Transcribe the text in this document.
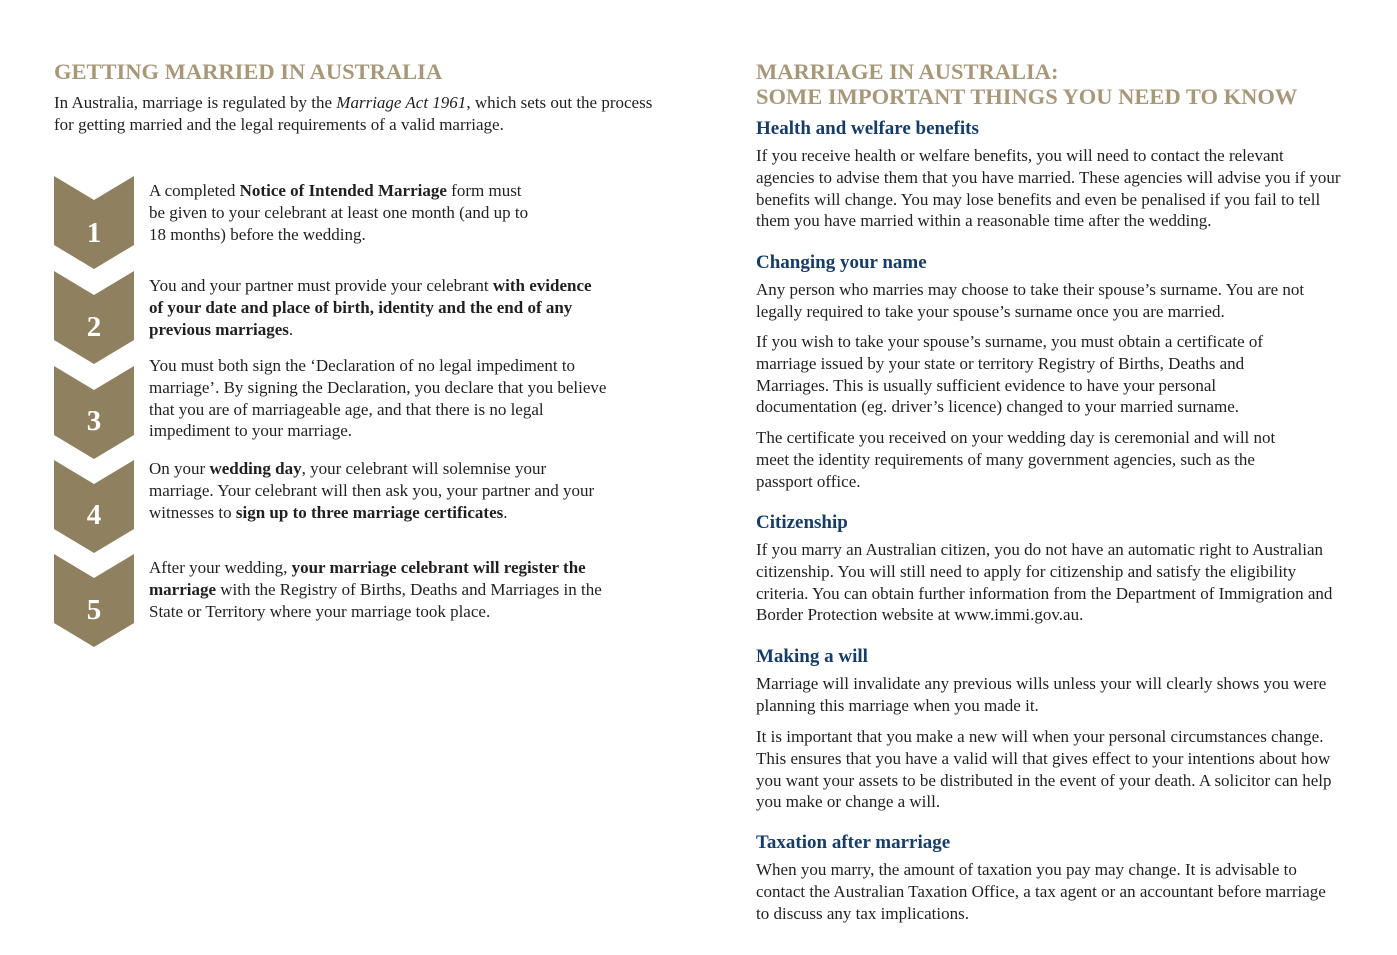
GETTING MARRIED IN AUSTRALIA

In Australia, marriage is regulated by the Marriage Act 1961, which sets out the process for getting married and the legal requirements of a valid marriage.

1
2
3
4
5

A completed Notice of Intended Marriage form must be given to your celebrant at least one month (and up to 18 months) before the wedding.

You and your partner must provide your celebrant with evidence of your date and place of birth, identity and the end of any previous marriages.

You must both sign the ‘Declaration of no legal impediment to marriage’. By signing the Declaration, you declare that you believe that you are of marriageable age, and that there is no legal impediment to your marriage.

On your wedding day, your celebrant will solemnise your marriage. Your celebrant will then ask you, your partner and your witnesses to sign up to three marriage certificates.

After your wedding, your marriage celebrant will register the marriage with the Registry of Births, Deaths and Marriages in the State or Territory where your marriage took place.

MARRIAGE IN AUSTRALIA:
SOME IMPORTANT THINGS YOU NEED TO KNOW
Health and welfare benefits

If you receive health or welfare benefits, you will need to contact the relevant agencies to advise them that you have married. These agencies will advise you if your benefits will change. You may lose benefits and even be penalised if you fail to tell them you have married within a reasonable time after the wedding.

Changing your name

Any person who marries may choose to take their spouse’s surname. You are not legally required to take your spouse’s surname once you are married.

If you wish to take your spouse’s surname, you must obtain a certificate of marriage issued by your state or territory Registry of Births, Deaths and Marriages. This is usually sufficient evidence to have your personal documentation (eg. driver’s licence) changed to your married surname.

The certificate you received on your wedding day is ceremonial and will not meet the identity requirements of many government agencies, such as the passport office.

Citizenship

If you marry an Australian citizen, you do not have an automatic right to Australian citizenship. You will still need to apply for citizenship and satisfy the eligibility criteria. You can obtain further information from the Department of Immigration and Border Protection website at www.immi.gov.au.

Making a will

Marriage will invalidate any previous wills unless your will clearly shows you were planning this marriage when you made it.

It is important that you make a new will when your personal circumstances change. This ensures that you have a valid will that gives effect to your intentions about how you want your assets to be distributed in the event of your death. A solicitor can help you make or change a will.

Taxation after marriage

When you marry, the amount of taxation you pay may change. It is advisable to contact the Australian Taxation Office, a tax agent or an accountant before marriage to discuss any tax implications.
